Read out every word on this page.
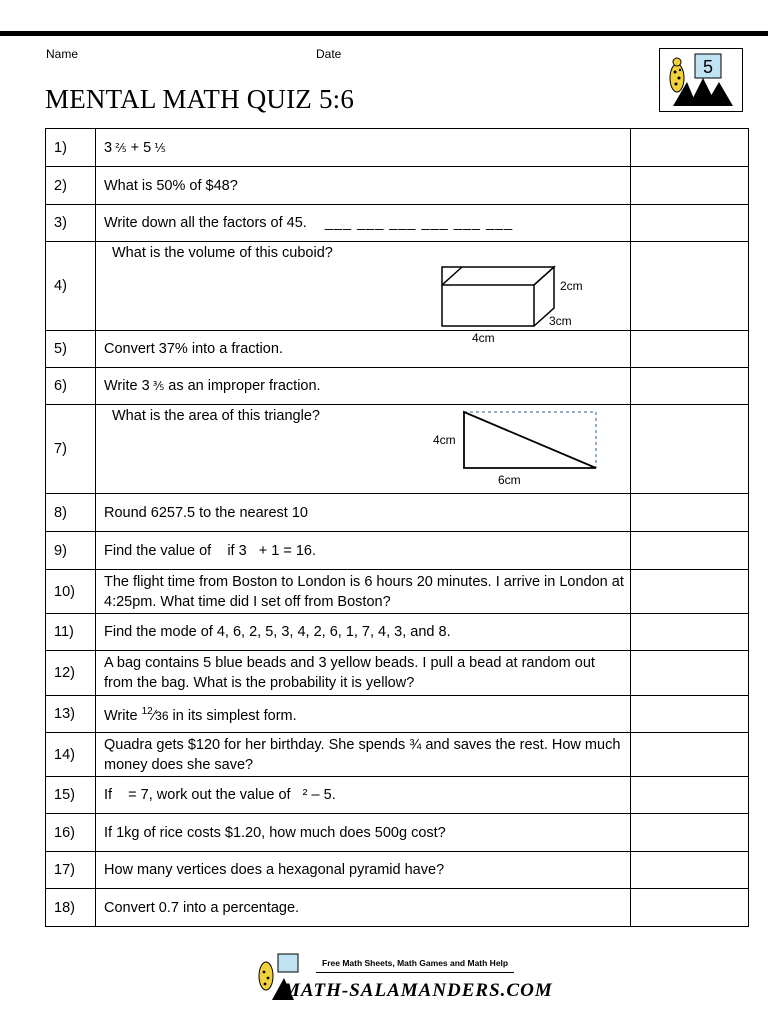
Name	Date
MENTAL MATH QUIZ 5:6
5
1)	3  ⅖ + 5  ⅕	
2)	What is 50% of $48?	
3)	Write down all the factors of 45. ___ ___ ___ ___ ___ ___	
4)	What is the volume of this cuboid?
2cm
3cm
4cm	

5)	Convert 37% into a fraction.	
6)	Write 3  ⅗ as an improper fraction.	
7)	What is the area of this triangle?
4cm
6cm	

8)	Round 6257.5 to the nearest 10	
9)	Find the value of    if 3   + 1 = 16.	
10)	The flight time from Boston to London is 6 hours 20 minutes. I arrive in London at 4:25pm. What time did I set off from Boston?	
11)	Find the mode of 4, 6, 2, 5, 3, 4, 2, 6, 1, 7, 4, 3, and 8.	
12)	A bag contains 5 blue beads and 3 yellow beads. I pull a bead at random out from the bag. What is the probability it is yellow?	
13)	Write $^{12}$⁄36 in its simplest form.	
14)	Quadra gets $120 for her birthday. She spends ¾ and saves the rest. How much money does she save?	
15)	If    = 7, work out the value of   ² – 5.	
16)	If 1kg of rice costs $1.20, how much does 500g cost?	
17)	How many vertices does a hexagonal pyramid have?	
18)	Convert 0.7 into a percentage.	
Free Math Sheets, Math Games and Math Help
MATH-SALAMANDERS.COM
